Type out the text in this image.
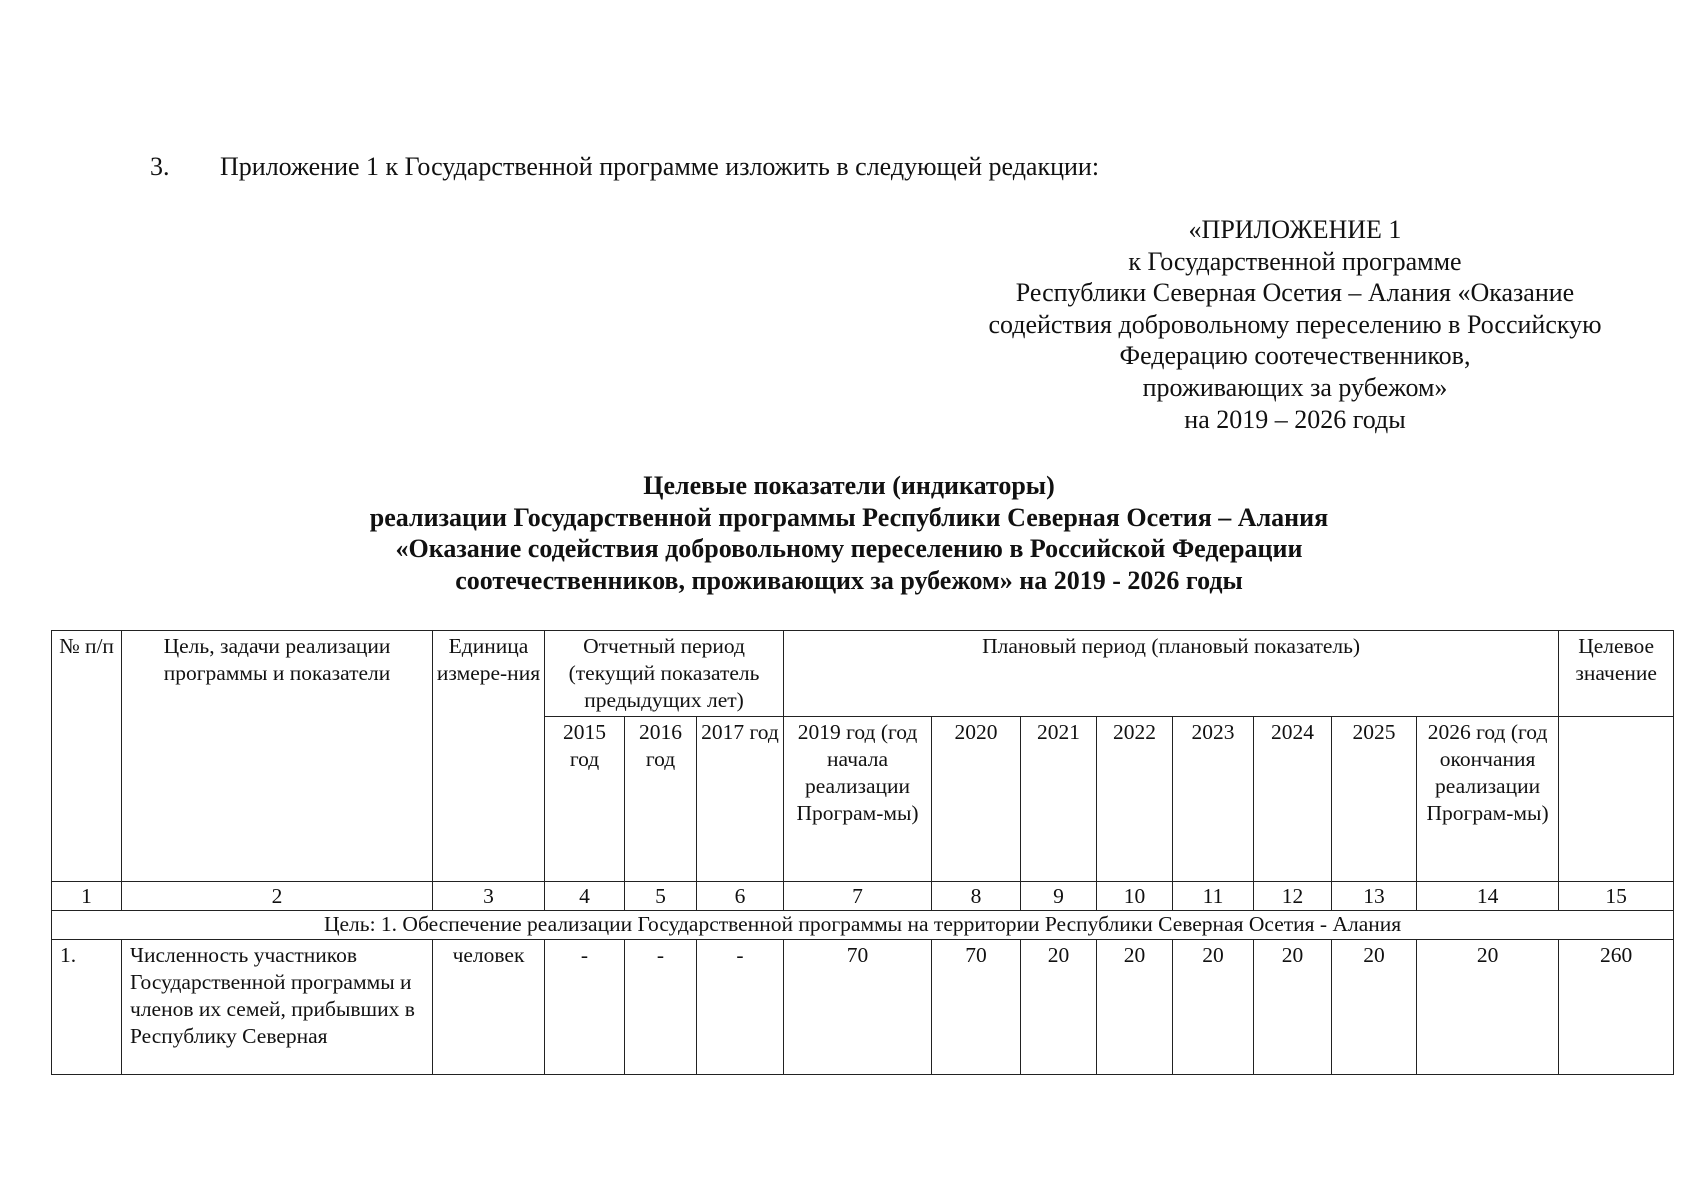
3. Приложение 1 к Государственной программе изложить в следующей редакции:
«ПРИЛОЖЕНИЕ 1
к Государственной программе
Республики Северная Осетия – Алания «Оказание
содействия добровольному переселению в Российскую
Федерацию соотечественников,
проживающих за рубежом»
на 2019 – 2026 годы
Целевые показатели (индикаторы)
реализации Государственной программы Республики Северная Осетия – Алания
«Оказание содействия добровольному переселению в Российской Федерации
соотечественников, проживающих за рубежом» на 2019 - 2026 годы
№ п/п	Цель, задачи реализации программы и показатели	Единица измере-ния	Отчетный период (текущий показатель предыдущих лет)			Плановый период (плановый показатель)								Целевое значение
			2015 год	2016 год	2017 год	2019 год (год начала реализации Програм-мы)	2020	2021	2022	2023	2024	2025	2026 год (год окончания реализации Програм-мы)	
1	2	3	4	5	6	7	8	9	10	11	12	13	14	15
Цель: 1. Обеспечение реализации Государственной программы на территории Республики Северная Осетия - Алания														
1.	Численность участников Государственной программы и членов их семей, прибывших в Республику Северная	человек	-	-	-	70	70	20	20	20	20	20	20	260
